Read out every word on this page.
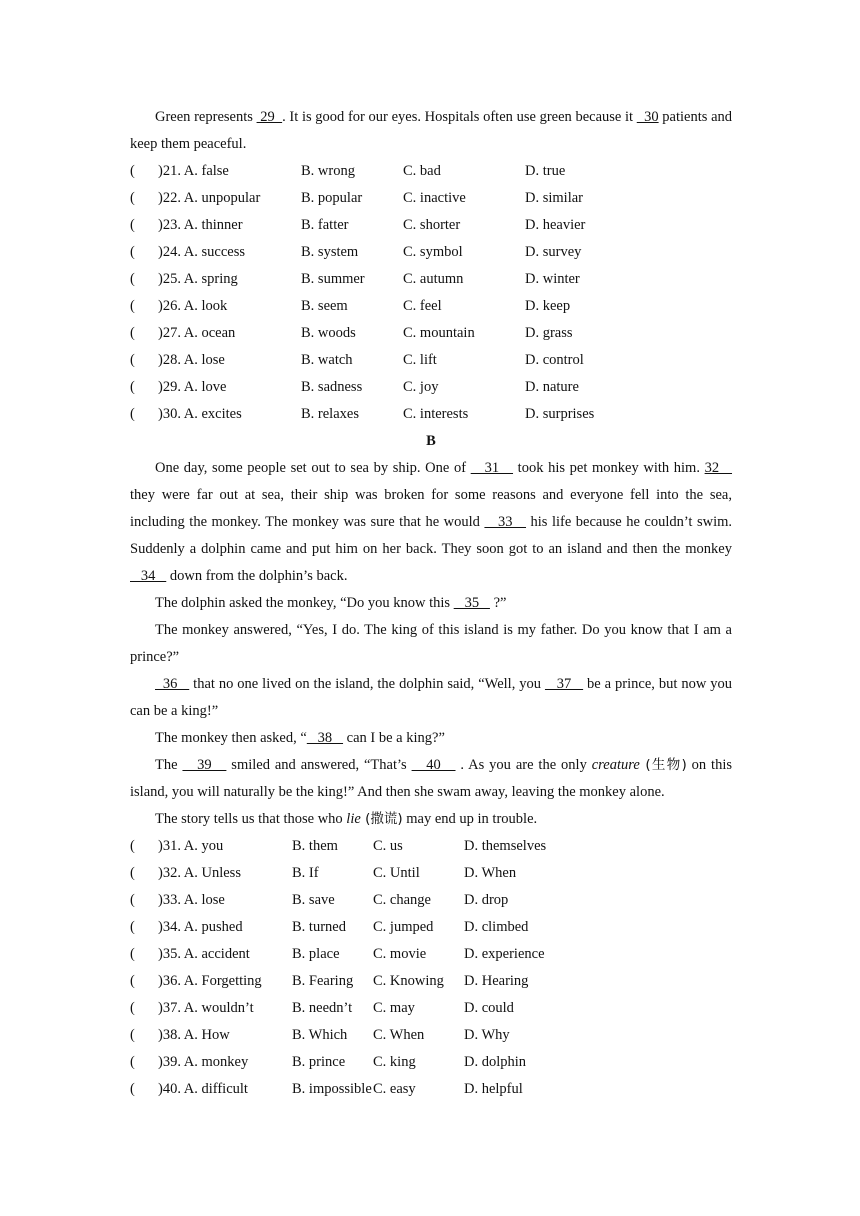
Green represents  29  . It is good for our eyes. Hospitals often use green because it   30 patients and keep them peaceful.

( )21. A. false	B. wrong	C. bad	D. true
( )22. A. unpopular	B. popular	C. inactive	D. similar
( )23. A. thinner	B. fatter	C. shorter	D. heavier
( )24. A. success	B. system	C. symbol	D. survey
( )25. A. spring	B. summer	C. autumn	D. winter
( )26. A. look	B. seem	C. feel	D. keep
( )27. A. ocean	B. woods	C. mountain	D. grass
( )28. A. lose	B. watch	C. lift	D. control
( )29. A. love	B. sadness	C. joy	D. nature
( )30. A. excites	B. relaxes	C. interests	D. surprises
B

One day, some people set out to sea by ship. One of    31    took his pet monkey with him. 32    they were far out at sea, their ship was broken for some reasons and everyone fell into the sea, including the monkey. The monkey was sure that he would    33    his life because he couldn’t swim. Suddenly a dolphin came and put him on her back. They soon got to an island and then the monkey    34    down from the dolphin’s back.

The dolphin asked the monkey, “Do you know this    35    ?”

The monkey answered, “Yes, I do. The king of this island is my father. Do you know that I am a prince?”

36    that no one lived on the island, the dolphin said, “Well, you    37    be a prince, but now you can be a king!”

The monkey then asked, “   38    can I be a king?”

The    39    smiled and answered, “That’s    40    . As you are the only creature (生物) on this island, you will naturally be the king!” And then she swam away, leaving the monkey alone.

The story tells us that those who lie (撒谎) may end up in trouble.

( )31. A. you	B. them C. us	D. themselves
( )32. A. Unless	B. If	C. Until	D. When
( )33. A. lose	B. save	C. change D. drop
( )34. A. pushed	B. turned C. jumped D. climbed
( )35. A. accident	B. place C. movie	D. experience
( )36. A. Forgetting B. Fearing C. Knowing D. Hearing
( )37. A. wouldn’t	B. needn’t C. may	D. could
( )38. A. How	B. Which C. When	D. Why
( )39. A. monkey	B. prince C. king	D. dolphin
( )40. A. difficult	B. impossible C. easy	D. helpful
